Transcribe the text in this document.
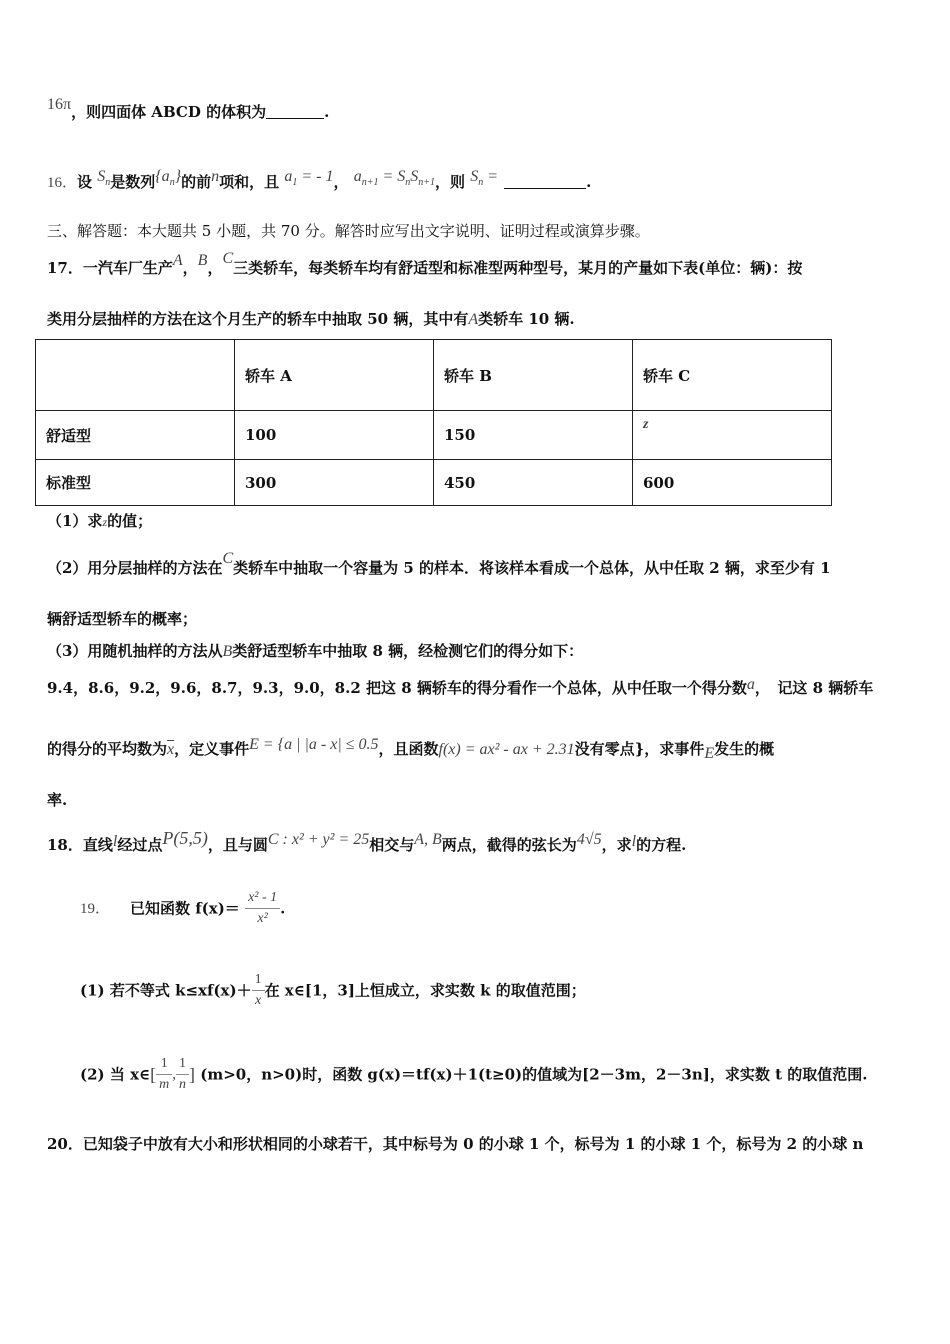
16π，则四面体 ABCD 的体积为	.
16．设 $S_n$是数列$\{a_n\}$的前n项和，且 $a_1$ = - 1， $a_{n+1} = S_nS_{n+1}$，则 $S_n$ =	.
三、解答题：本大题共 5 小题，共 70 分。解答时应写出文字说明、证明过程或演算步骤。
17．一汽车厂生产A，B，C三类轿车，每类轿车均有舒适型和标准型两种型号，某月的产量如下表(单位：辆)：按
类用分层抽样的方法在这个月生产的轿车中抽取 50 辆，其中有A类轿车 10 辆.
	轿车 A	轿车 B	轿车 C
舒适型	100	150	z
标准型	300	450	600
（1）求z的值；
（2）用分层抽样的方法在C类轿车中抽取一个容量为 5 的样本．将该样本看成一个总体，从中任取 2 辆，求至少有 1
辆舒适型轿车的概率；
（3）用随机抽样的方法从B类舒适型轿车中抽取 8 辆，经检测它们的得分如下：
9.4，8.6，9.2，9.6，8.7，9.3，9.0，8.2 把这 8 辆轿车的得分看作一个总体，从中任取一个得分数a，　记这 8 辆轿车
的得分的平均数为$\overline{x}$，定义事件E = {a | |a - x| ≤ 0.5，且函数f(x) = ax² - ax + 2.31没有零点}，求事件E发生的概
率.
18．直线l经过点P(5,5)，且与圆C : x² + y² = 25相交与A, B两点，截得的弦长为4√5，求l的方程.
19． 已知函数 $f(x)= \frac{\text{x² - 1}}{\text{x²}}$ .
(1) 若不等式 $k\le xf(x)+ \frac{1}{x}$ 在 x∈[1，3]上恒成立，求实数 k 的取值范围；
(2) 当 x∈[ $\frac{1}{m}$ , $\frac{1}{n}$ ] (m>0，n>0)时，函数 g(x)＝tf(x)＋1(t≥0)的值域为[2－3m，2－3n]，求实数 t 的取值范围.
20．已知袋子中放有大小和形状相同的小球若干，其中标号为 0 的小球 1 个，标号为 1 的小球 1 个，标号为 2 的小球 n
